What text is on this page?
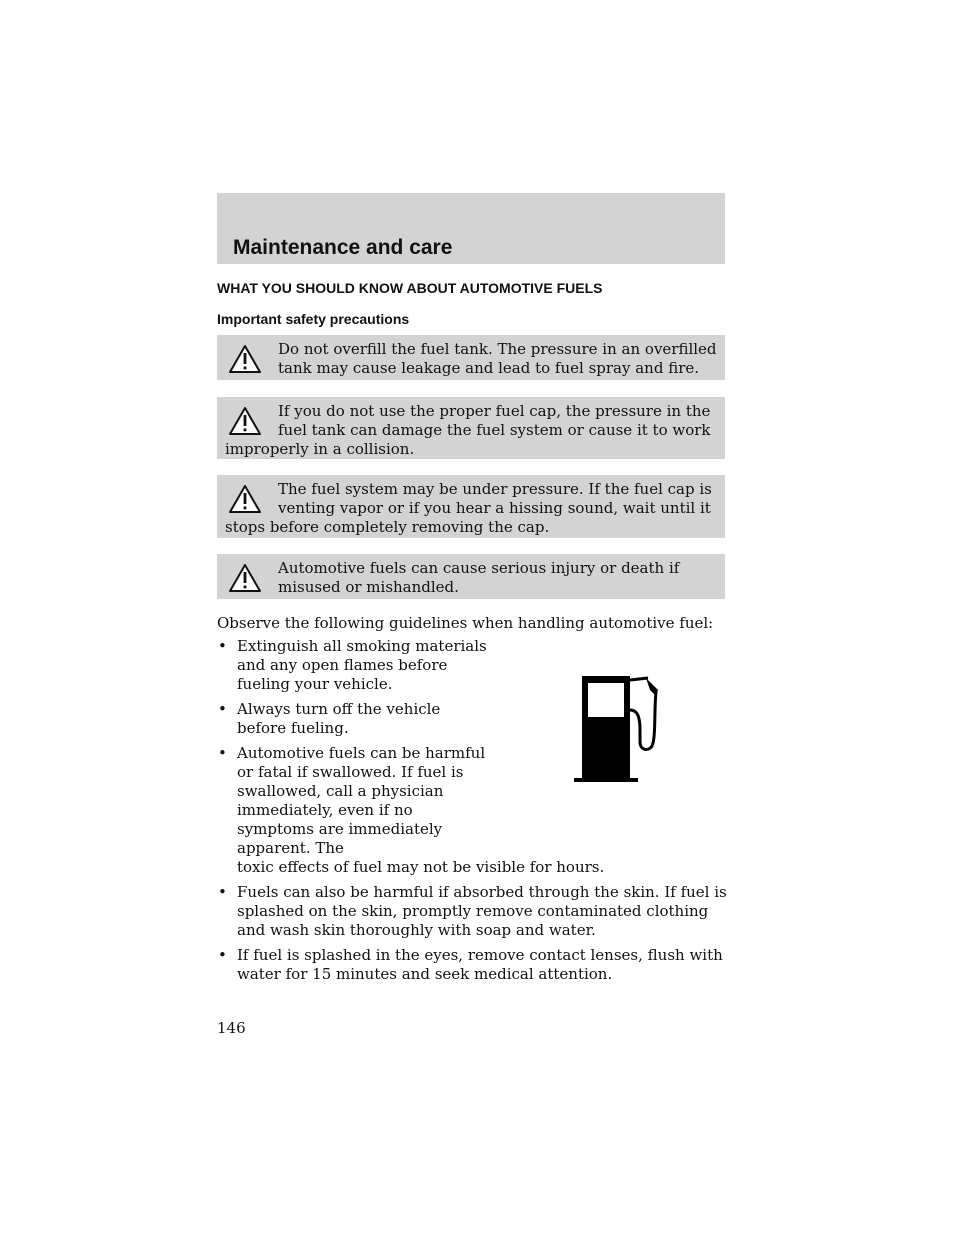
Maintenance and care
WHAT YOU SHOULD KNOW ABOUT AUTOMOTIVE FUELS
Important safety precautions

Do not overfill the fuel tank. The pressure in an overfilled tank may cause leakage and lead to fuel spray and fire.

If you do not use the proper fuel cap, the pressure in the fuel tank can damage the fuel system or cause it to work improperly in a collision.

The fuel system may be under pressure. If the fuel cap is venting vapor or if you hear a hissing sound, wait until it stops before completely removing the cap.

Automotive fuels can cause serious injury or death if misused or mishandled.

Observe the following guidelines when handling automotive fuel:
• Extinguish all smoking materials and any open flames before fueling your vehicle.
• Always turn off the vehicle before fueling.
• Automotive fuels can be harmful or fatal if swallowed. If fuel is swallowed, call a physician immediately, even if no symptoms are immediately apparent. The
toxic effects of fuel may not be visible for hours.
• Fuels can also be harmful if absorbed through the skin. If fuel is splashed on the skin, promptly remove contaminated clothing and wash skin thoroughly with soap and water.
• If fuel is splashed in the eyes, remove contact lenses, flush with water for 15 minutes and seek medical attention.
146
